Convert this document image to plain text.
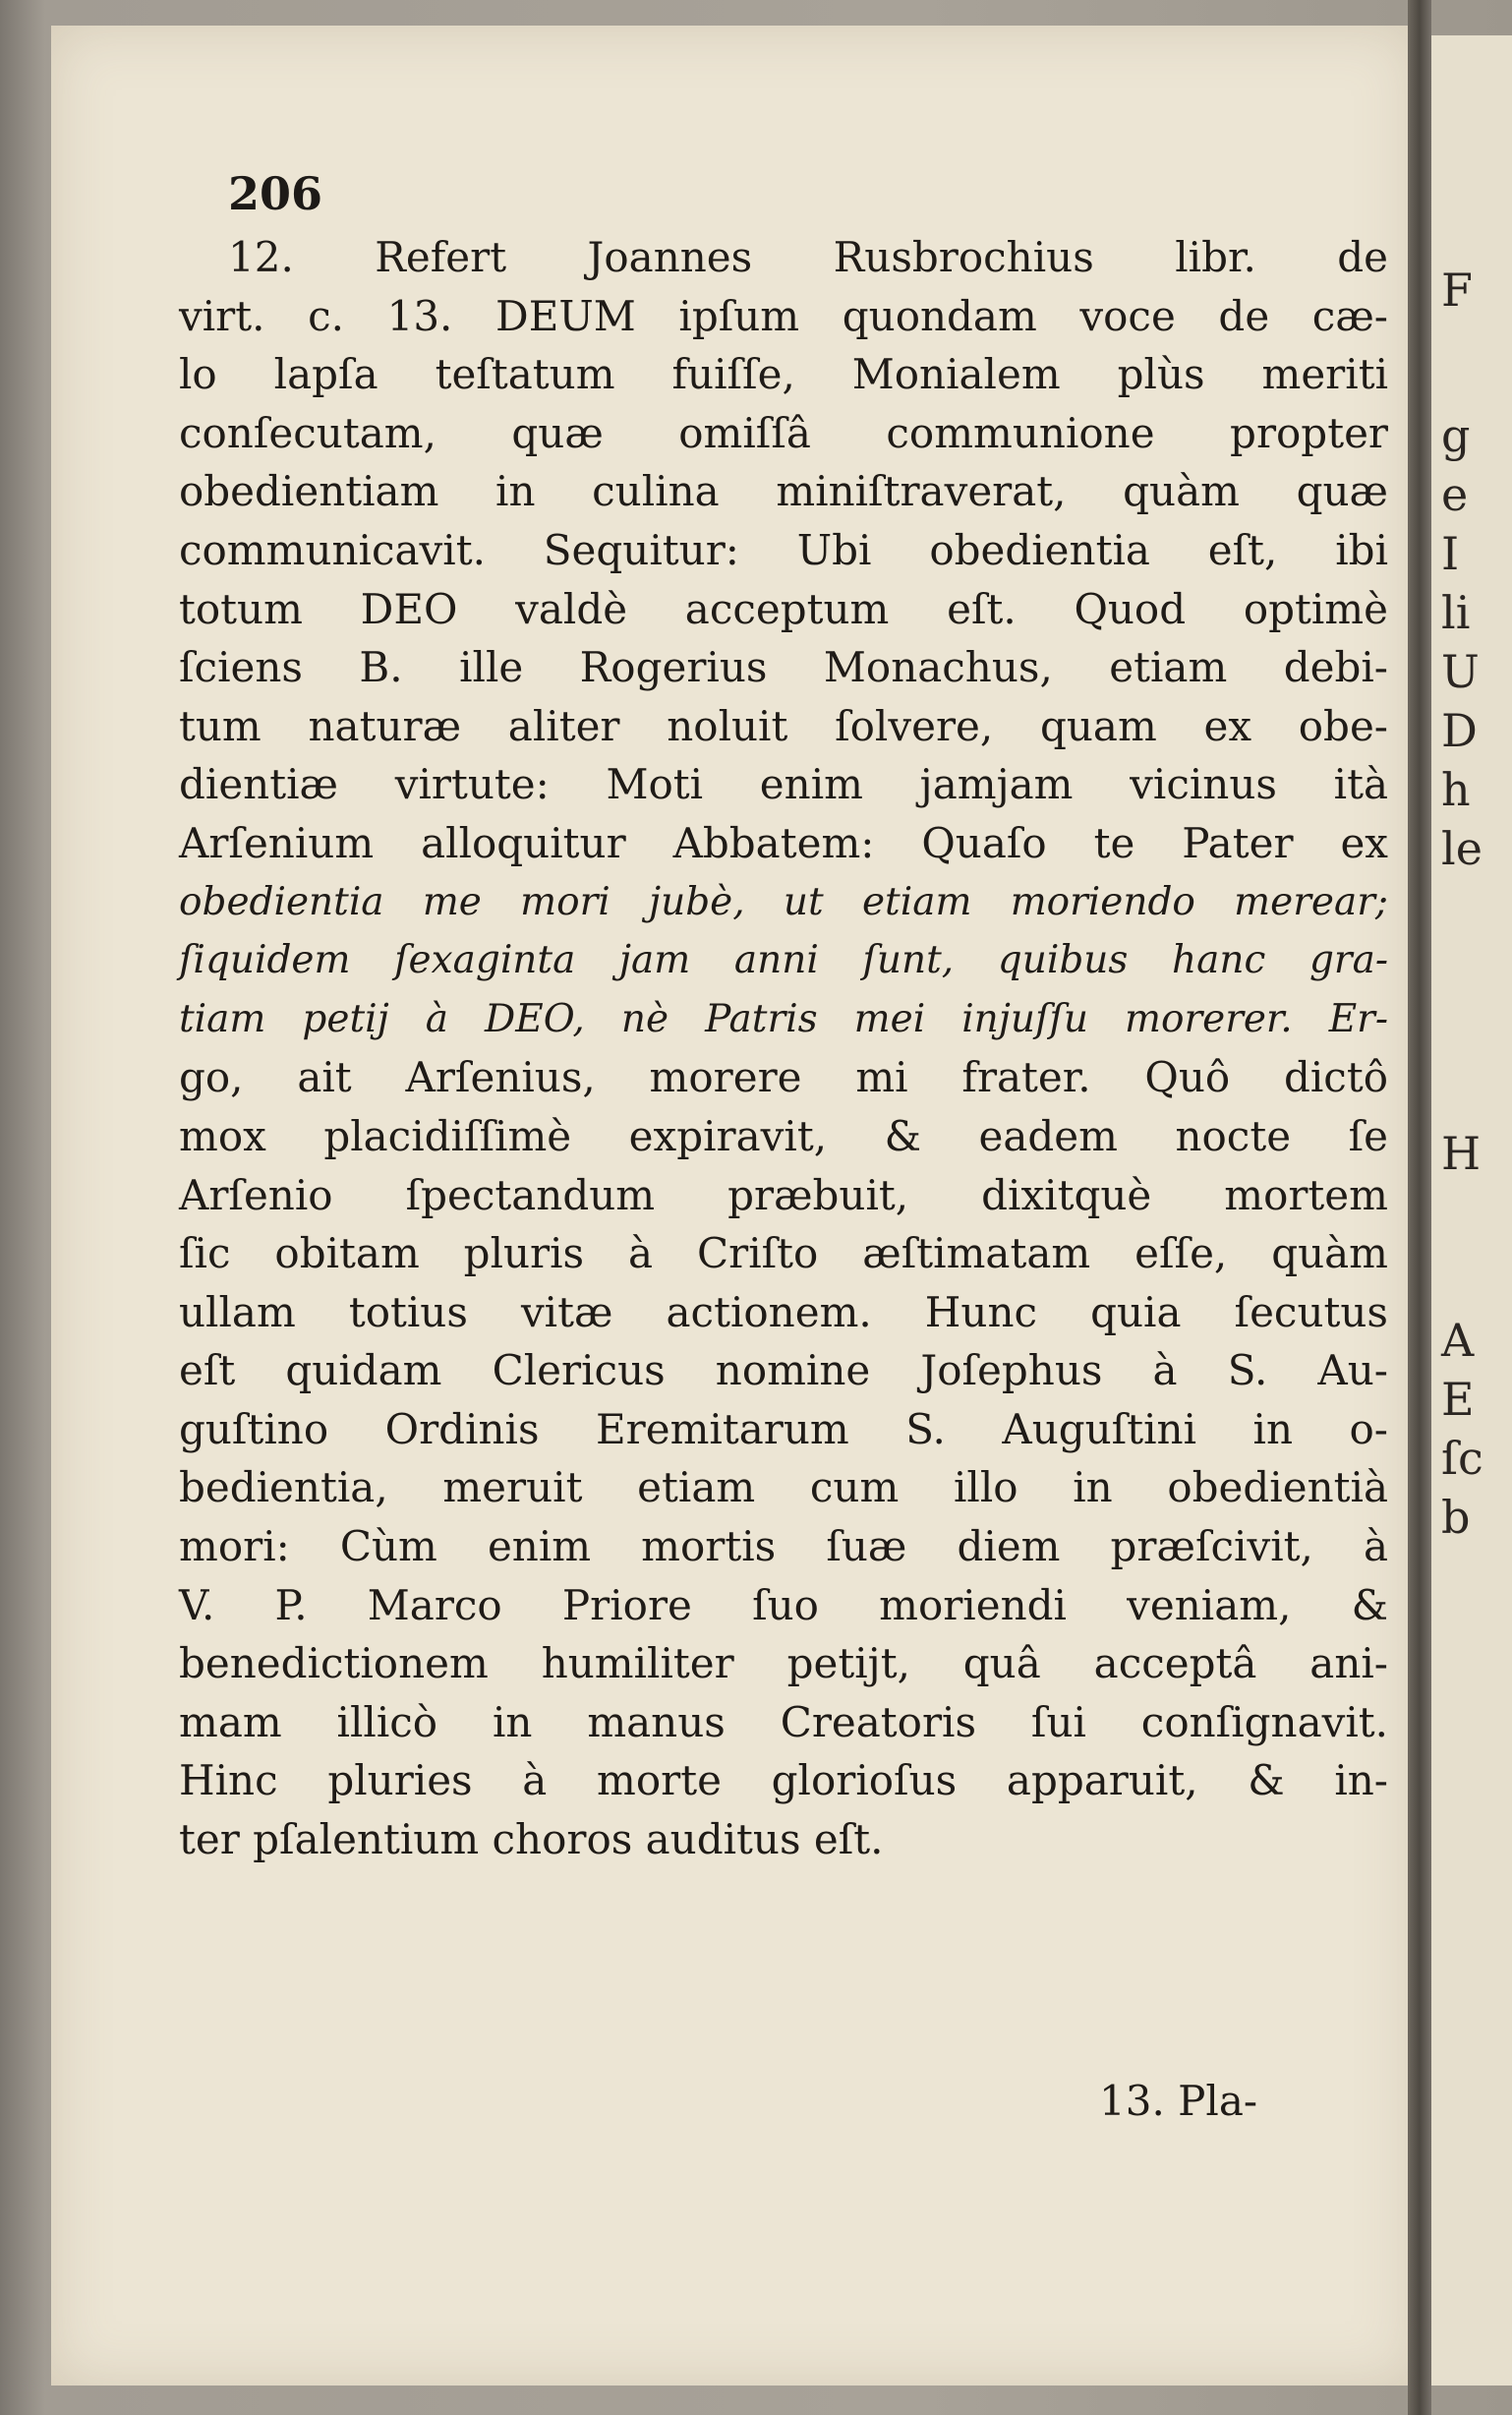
F
g
e
I
li
U
D
h
le
H
A
E
ſc
b
206
12. Refert Joannes Rusbrochius libr. de
virt. c. 13. DEUM ipſum quondam voce de cæ-
lo lapſa teſtatum fuiſſe, Monialem plùs meriti
conſecutam, quæ omiſſâ communione propter
obedientiam in culina miniſtraverat, quàm quæ
communicavit. Sequitur: Ubi obedientia eſt, ibi
totum DEO valdè acceptum eſt. Quod optimè
ſciens B. ille Rogerius Monachus, etiam debi-
tum naturæ aliter noluit ſolvere, quam ex obe-
dientiæ virtute: Moti enim jamjam vicinus ità
Arſenium alloquitur Abbatem: Quaſo te Pater ex
obedientia me mori jubè, ut etiam moriendo merear;
ſiquidem ſexaginta jam anni ſunt, quibus hanc gra-
tiam petij à DEO, nè Patris mei injuſſu morerer. Er-
go, ait Arſenius, morere mi frater. Quô dictô
mox placidiſſimè expiravit, & eadem nocte ſe
Arſenio ſpectandum præbuit, dixitquè mortem
ſic obitam pluris à Criſto æſtimatam eſſe, quàm
ullam totius vitæ actionem. Hunc quia ſecutus
eſt quidam Clericus nomine Joſephus à S. Au-
guſtino Ordinis Eremitarum S. Auguſtini in o-
bedientia, meruit etiam cum illo in obedientià
mori: Cùm enim mortis ſuæ diem præſcivit, à
V. P. Marco Priore ſuo moriendi veniam, &
benedictionem humiliter petijt, quâ acceptâ ani-
mam illicò in manus Creatoris ſui conſignavit.
Hinc pluries à morte glorioſus apparuit, & in-
ter pſalentium choros auditus eſt.
13. Pla-
